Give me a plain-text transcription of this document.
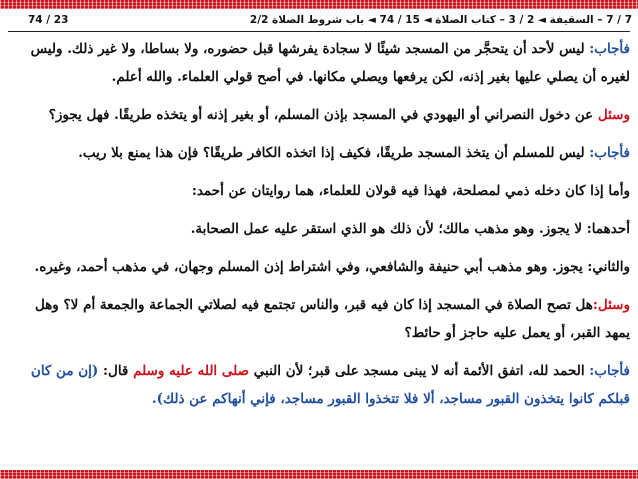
74 / 23	7 / 7 – السقيفة ◄ 2 / 3 – كتاب الصلاة ◄ 15 / 74 ◄ باب شروط الصلاة 2/2

فأجاب: ليس لأحد أن يتحجَّر من المسجد شيئًا لا سجادة يفرشها قبل حضوره، ولا بساطا، ولا غير ذلك. وليس لغيره أن يصلي عليها بغير إذنه، لكن يرفعها ويصلي مكانها. في أصح قولي العلماء. والله أعلم.

وسئل عن دخول النصراني أو اليهودي في المسجد بإذن المسلم، أو بغير إذنه أو يتخذه طريقًا. فهل يجوز؟

فأجاب: ليس للمسلم أن يتخذ المسجد طريقًا، فكيف إذا اتخذه الكافر طريقًا؟ فإن هذا يمنع بلا ريب.

وأما إذا كان دخله ذمي لمصلحة، فهذا فيه قولان للعلماء، هما روايتان عن أحمد:

أحدهما: لا يجوز. وهو مذهب مالك؛ لأن ذلك هو الذي استقر عليه عمل الصحابة.

والثاني: يجوز. وهو مذهب أبي حنيفة والشافعي، وفي اشتراط إذن المسلم وجهان، في مذهب أحمد، وغيره.

وسئل:هل تصح الصلاة في المسجد إذا كان فيه قبر، والناس تجتمع فيه لصلاتي الجماعة والجمعة أم لا؟ وهل يمهد القبر، أو يعمل عليه حاجز أو حائط؟

فأجاب: الحمد لله، اتفق الأئمة أنه لا يبنى مسجد على قبر؛ لأن النبي صلى الله عليه وسلم قال: (إن من كان قبلكم كانوا يتخذون القبور مساجد، ألا فلا تتخذوا القبور مساجد، فإني أنهاكم عن ذلك).
